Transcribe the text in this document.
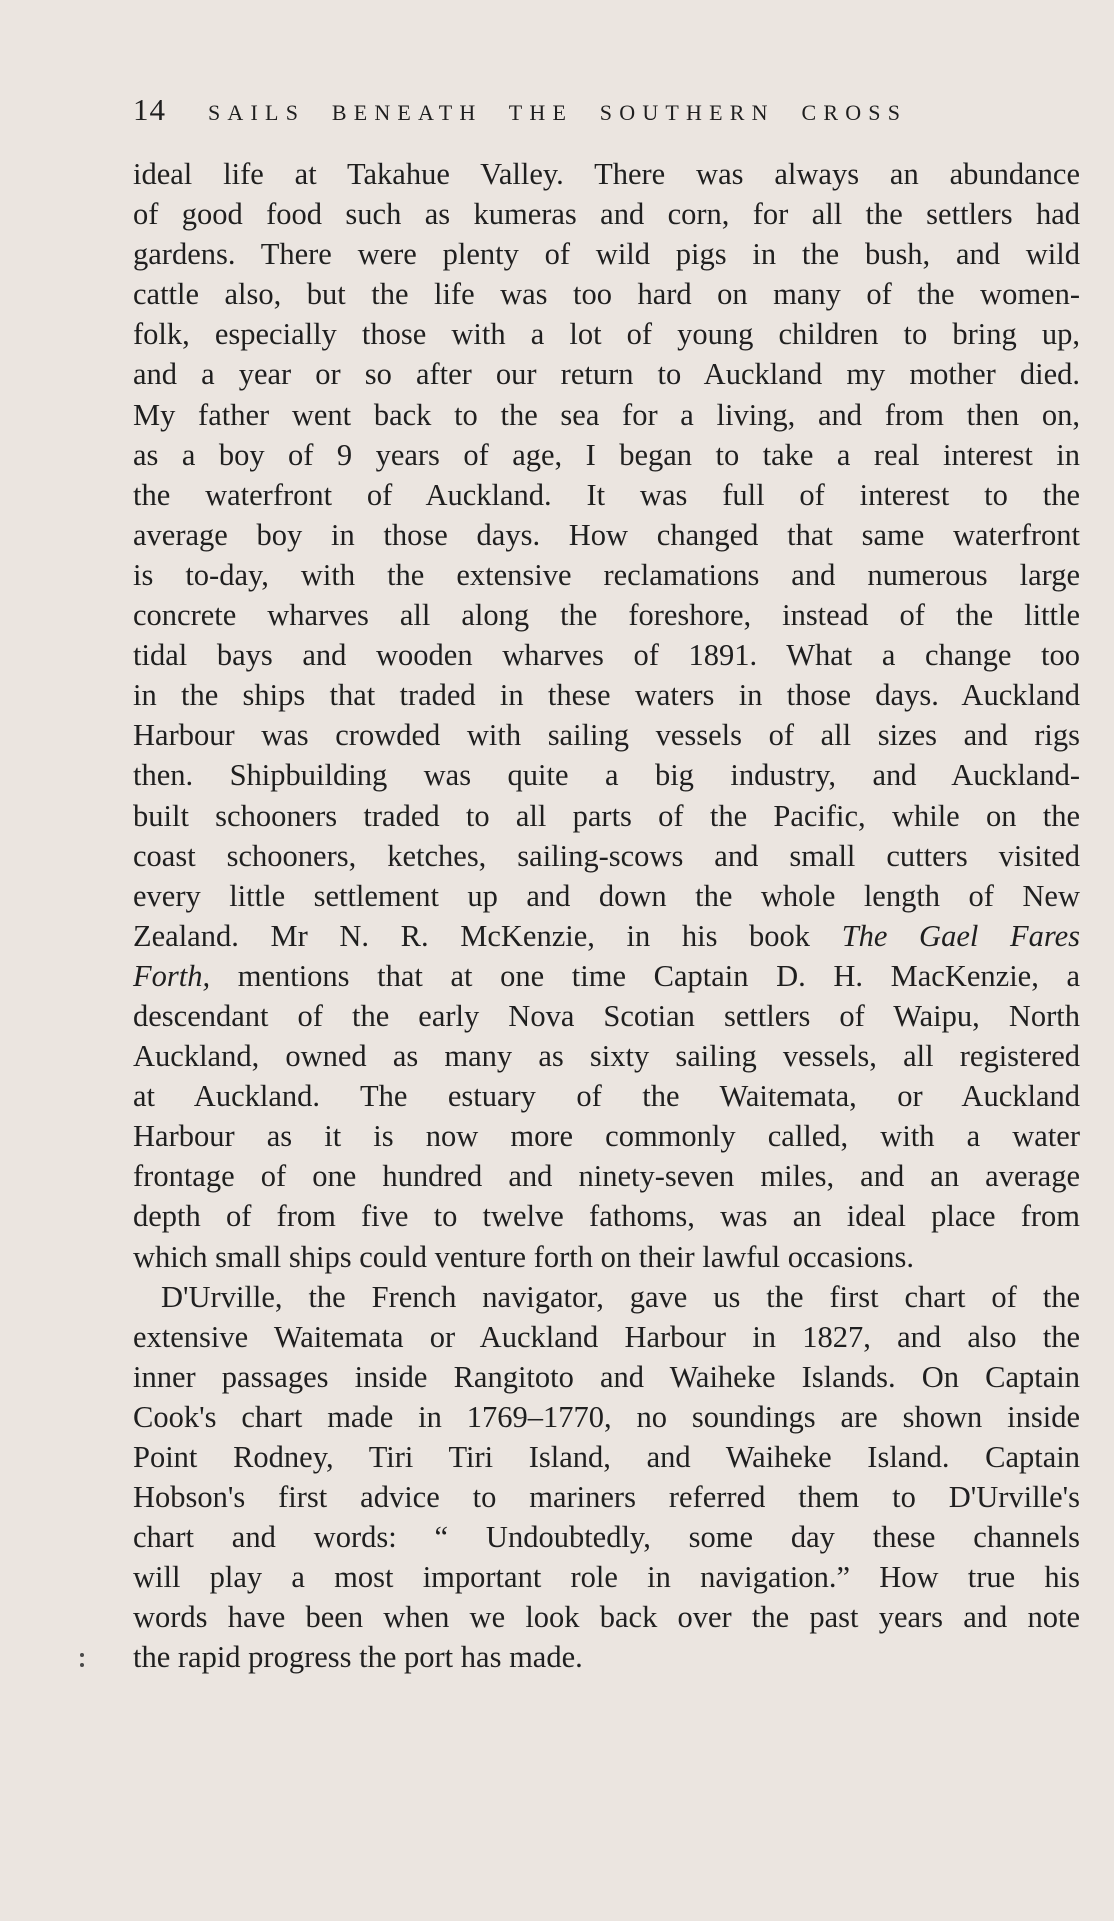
14 SAILS BENEATH THE SOUTHERN CROSS
ideal life at Takahue Valley. There was always an abundance
of good food such as kumeras and corn, for all the settlers had
gardens. There were plenty of wild pigs in the bush, and wild
cattle also, but the life was too hard on many of the women-
folk, especially those with a lot of young children to bring up,
and a year or so after our return to Auckland my mother died.
My father went back to the sea for a living, and from then on,
as a boy of 9 years of age, I began to take a real interest in
the waterfront of Auckland. It was full of interest to the
average boy in those days. How changed that same waterfront
is to-day, with the extensive reclamations and numerous large
concrete wharves all along the foreshore, instead of the little
tidal bays and wooden wharves of 1891. What a change too
in the ships that traded in these waters in those days. Auckland
Harbour was crowded with sailing vessels of all sizes and rigs
then. Shipbuilding was quite a big industry, and Auckland-
built schooners traded to all parts of the Pacific, while on the
coast schooners, ketches, sailing-scows and small cutters visited
every little settlement up and down the whole length of New
Zealand. Mr N. R. McKenzie, in his book The Gael Fares
Forth, mentions that at one time Captain D. H. MacKenzie, a
descendant of the early Nova Scotian settlers of Waipu, North
Auckland, owned as many as sixty sailing vessels, all registered
at Auckland. The estuary of the Waitemata, or Auckland
Harbour as it is now more commonly called, with a water
frontage of one hundred and ninety-seven miles, and an average
depth of from five to twelve fathoms, was an ideal place from
which small ships could venture forth on their lawful occasions.
D'Urville, the French navigator, gave us the first chart of the
extensive Waitemata or Auckland Harbour in 1827, and also the
inner passages inside Rangitoto and Waiheke Islands. On Captain
Cook's chart made in 1769–1770, no soundings are shown inside
Point Rodney, Tiri Tiri Island, and Waiheke Island. Captain
Hobson's first advice to mariners referred them to D'Urville's
chart and words: “ Undoubtedly, some day these channels
will play a most important role in navigation.” How true his
words have been when we look back over the past years and note
the rapid progress the port has made.
